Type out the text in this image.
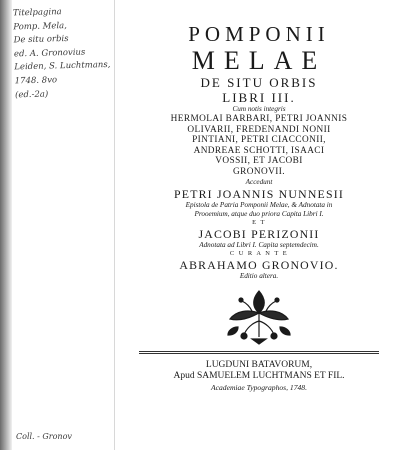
Titelpagina
Pomp. Mela,
De situ orbis
ed. A. Gronovius
Leiden, S. Luchtmans,
1748. 8vo
(ed.-2a)
Coll. - Gronov
POMPONII
MELAE
DE SITU ORBIS
LIBRI III.
Cum notis integris
HERMOLAI BARBARI, PETRI JOANNIS
OLIVARII, FREDENANDI NONII
PINTIANI, PETRI CIACCONII,
ANDREAE SCHOTTI, ISAACI
VOSSII, ET JACOBI
GRONOVII.
Accedunt
PETRI JOANNIS NUNNESII
Epistola de Patria Pomponii Melae, & Adnotata in
Prooemium, atque duo priora Capita Libri I.
E T
JACOBI PERIZONII
Adnotata ad Libri I. Capita septemdecim.
C U R A N T E
ABRAHAMO GRONOVIO.
Editio altera.
LUGDUNI BATAVORUM,
Apud SAMUELEM LUCHTMANS ET FIL.
Academiae Typographos, 1748.
